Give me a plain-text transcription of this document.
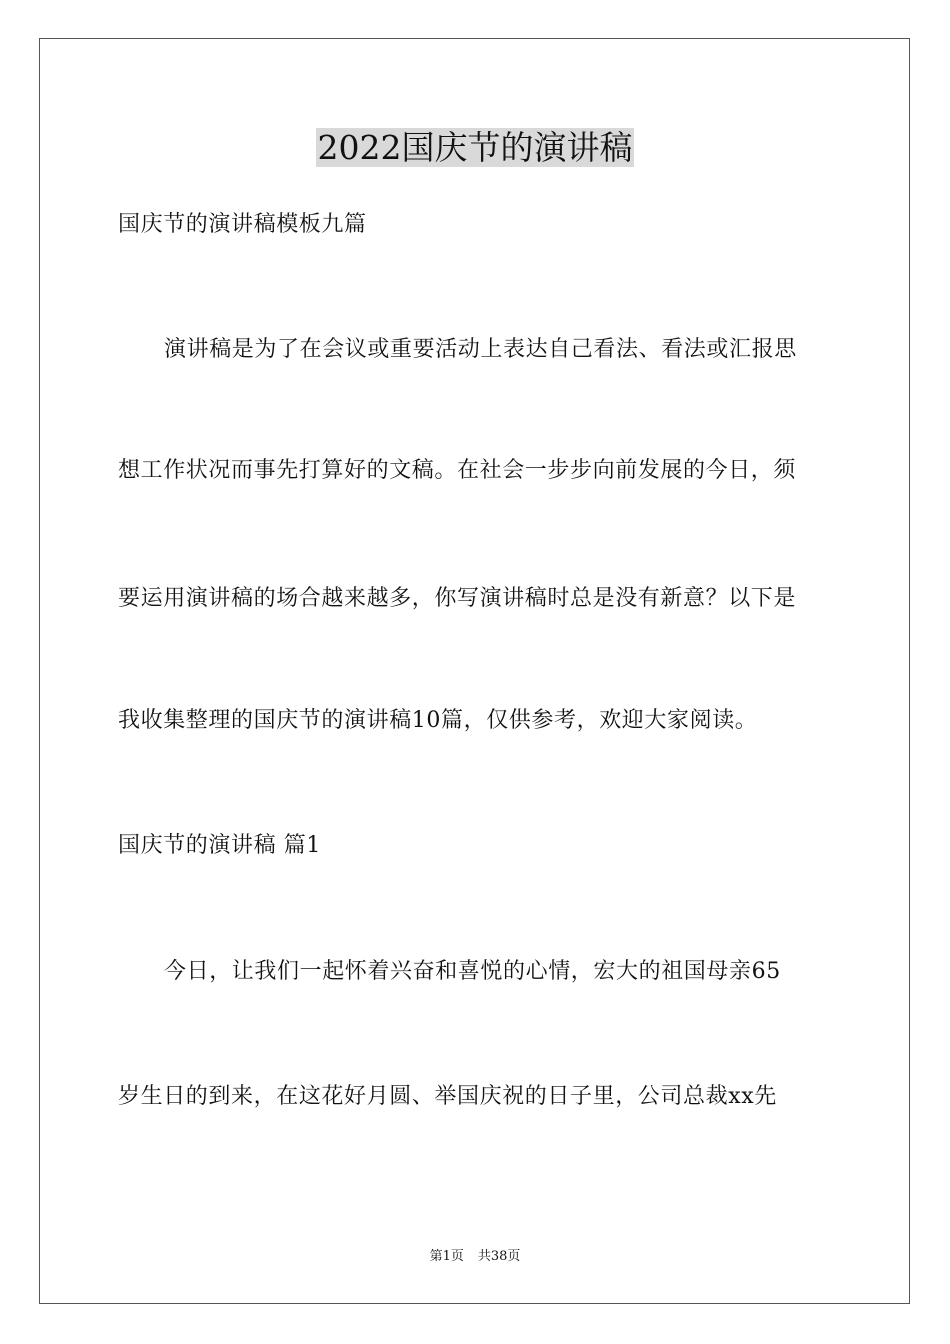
2022国庆节的演讲稿
国庆节的演讲稿模板九篇
演讲稿是为了在会议或重要活动上表达自己看法、看法或汇报思
想工作状况而事先打算好的文稿。在社会一步步向前发展的今日，须
要运用演讲稿的场合越来越多，你写演讲稿时总是没有新意？以下是
我收集整理的国庆节的演讲稿10篇，仅供参考，欢迎大家阅读。
国庆节的演讲稿 篇1
今日，让我们一起怀着兴奋和喜悦的心情，宏大的祖国母亲65
岁生日的到来，在这花好月圆、举国庆祝的日子里，公司总裁xx先
第1页 共38页
